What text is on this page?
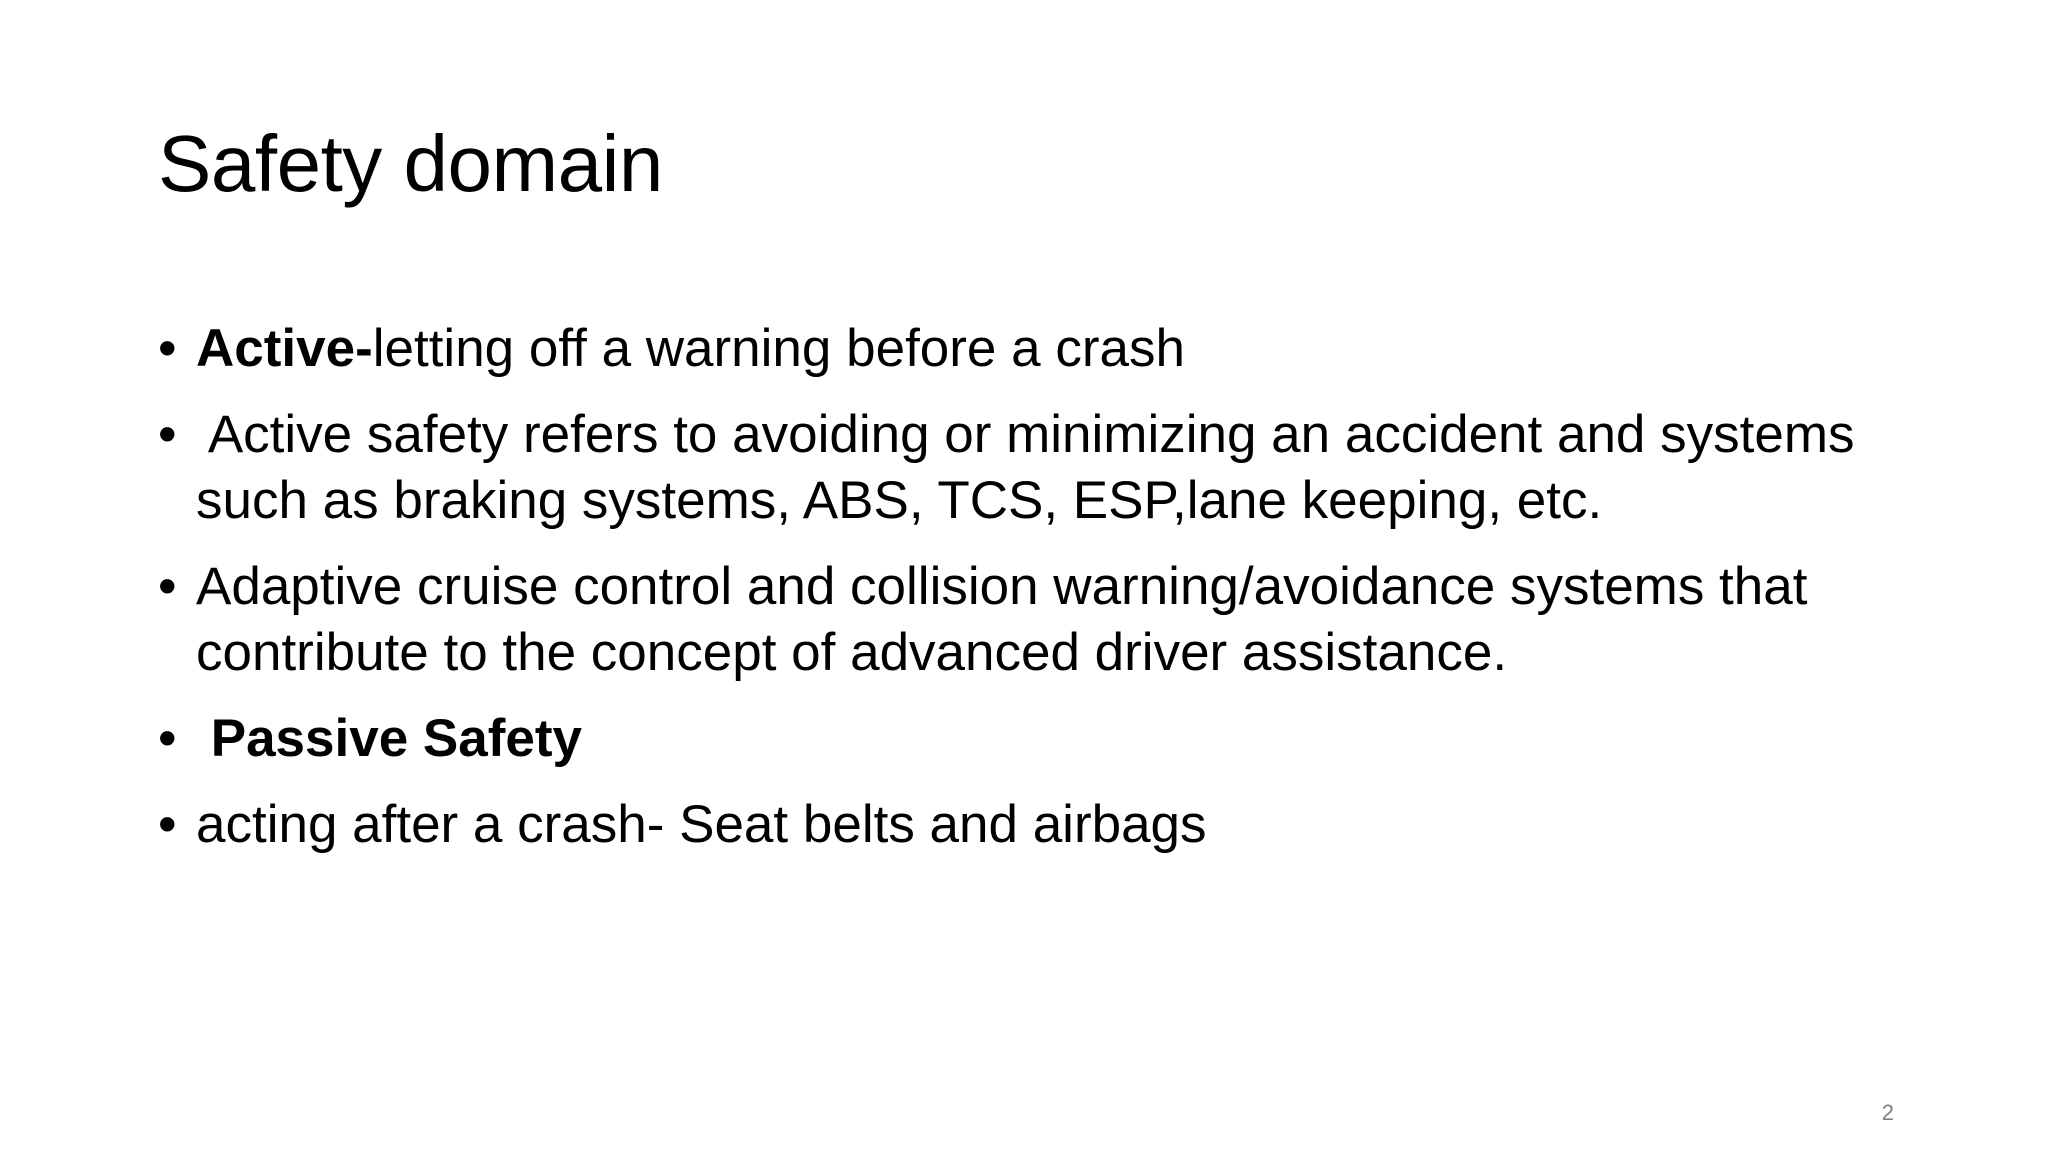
Safety domain
• Active-letting off a warning before a crash
• Active safety refers to avoiding or minimizing an accident and systems such as braking systems, ABS, TCS, ESP,lane keeping, etc.
• Adaptive cruise control and collision warning/avoidance systems that contribute to the concept of advanced driver assistance.
• Passive Safety
• acting after a crash- Seat belts and airbags
2
